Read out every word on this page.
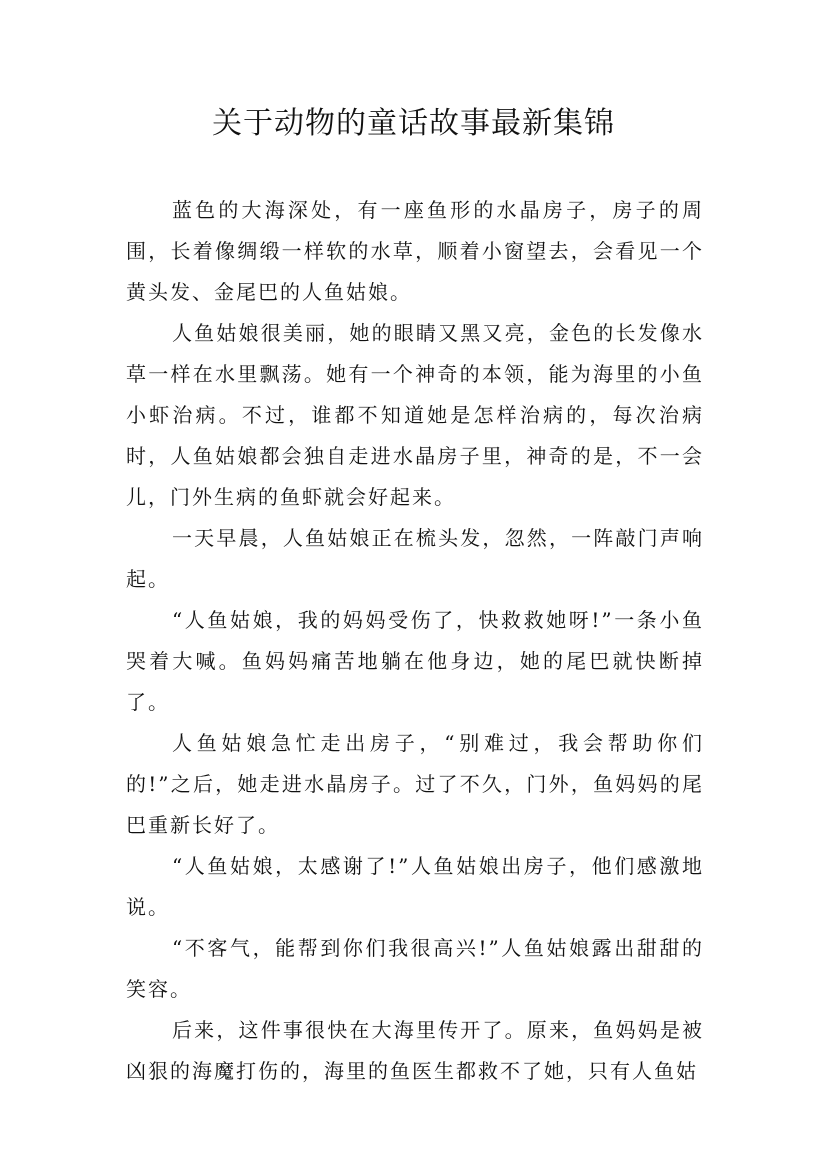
关于动物的童话故事最新集锦

蓝色的大海深处，有一座鱼形的水晶房子，房子的周围，长着像绸缎一样软的水草，顺着小窗望去，会看见一个黄头发、金尾巴的人鱼姑娘。

人鱼姑娘很美丽，她的眼睛又黑又亮，金色的长发像水草一样在水里飘荡。她有一个神奇的本领，能为海里的小鱼小虾治病。不过，谁都不知道她是怎样治病的，每次治病时，人鱼姑娘都会独自走进水晶房子里，神奇的是，不一会儿，门外生病的鱼虾就会好起来。

一天早晨，人鱼姑娘正在梳头发，忽然，一阵敲门声响起。

“人鱼姑娘，我的妈妈受伤了，快救救她呀!”一条小鱼哭着大喊。鱼妈妈痛苦地躺在他身边，她的尾巴就快断掉了。

人鱼姑娘急忙走出房子，“别难过，我会帮助你们的!”之后，她走进水晶房子。过了不久，门外，鱼妈妈的尾巴重新长好了。

“人鱼姑娘，太感谢了!”人鱼姑娘出房子，他们感激地说。

“不客气，能帮到你们我很高兴!”人鱼姑娘露出甜甜的笑容。

后来，这件事很快在大海里传开了。原来，鱼妈妈是被凶狠的海魔打伤的，海里的鱼医生都救不了她，只有人鱼姑
